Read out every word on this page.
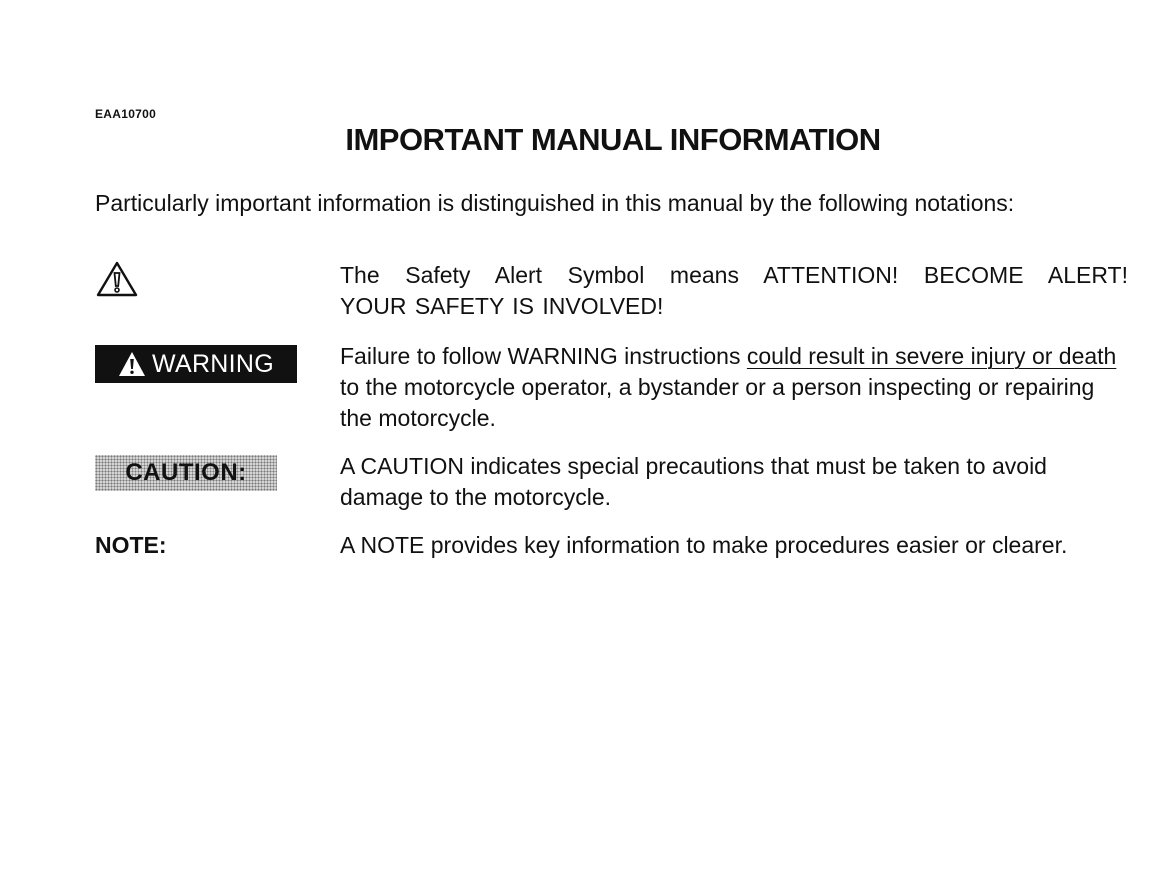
EAA10700
IMPORTANT MANUAL INFORMATION

Particularly important information is distinguished in this manual by the following notations:

The Safety Alert Symbol means ATTENTION! BECOME ALERT!
YOUR SAFETY IS INVOLVED!

WARNING	Failure to follow WARNING instructions could result in severe injury or death to the motorcycle operator, a bystander or a person inspecting or repairing the motorcycle.

CAUTION:	A CAUTION indicates special precautions that must be taken to avoid damage to the motorcycle.

NOTE:	A NOTE provides key information to make procedures easier or clearer.
